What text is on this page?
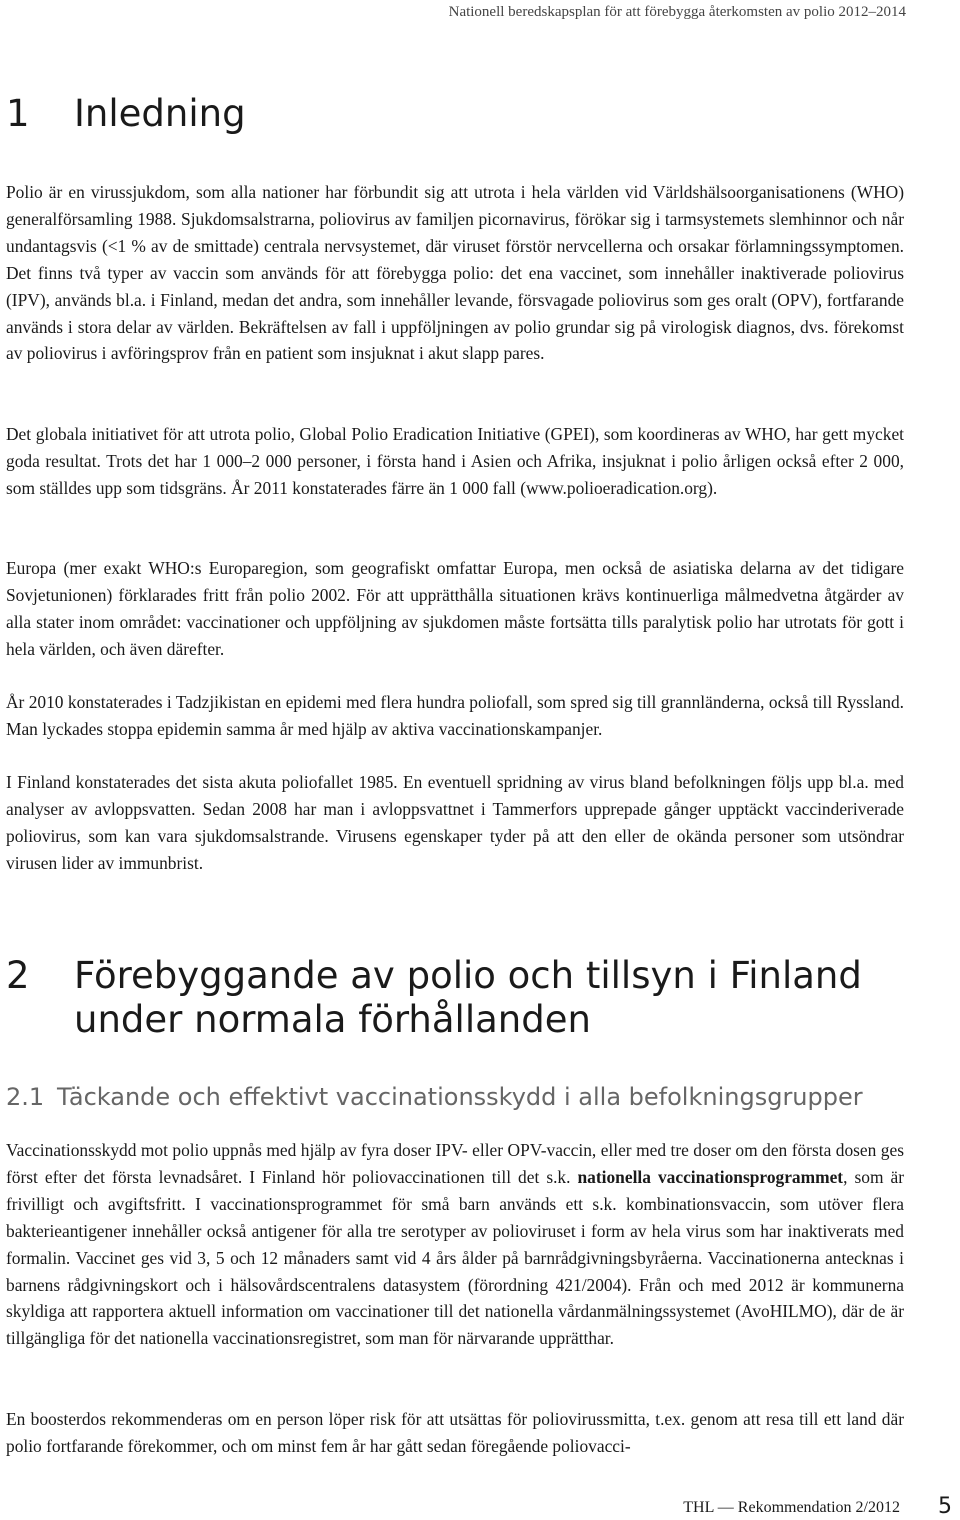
Nationell beredskapsplan för att förebygga återkomsten av polio 2012–2014
1 Inledning

Polio är en virussjukdom, som alla nationer har förbundit sig att utrota i hela världen vid Världshälsoorganisationens (WHO) generalförsamling 1988. Sjukdomsalstrarna, poliovirus av familjen picornavirus, förökar sig i tarmsystemets slemhinnor och når undantagsvis (<1 % av de smittade) centrala nervsystemet, där viruset förstör nervcellerna och orsakar förlamningssymptomen. Det finns två typer av vaccin som används för att förebygga polio: det ena vaccinet, som innehåller inaktiverade poliovirus (IPV), används bl.a. i Finland, medan det andra, som innehåller levande, försvagade poliovirus som ges oralt (OPV), fortfarande används i stora delar av världen. Bekräftelsen av fall i uppföljningen av polio grundar sig på virologisk diagnos, dvs. förekomst av poliovirus i avföringsprov från en patient som insjuknat i akut slapp pares.

Det globala initiativet för att utrota polio, Global Polio Eradication Initiative (GPEI), som koordineras av WHO, har gett mycket goda resultat. Trots det har 1 000–2 000 personer, i första hand i Asien och Afrika, insjuknat i polio årligen också efter 2 000, som ställdes upp som tidsgräns. År 2011 konstaterades färre än 1 000 fall (www.polioeradication.org).

Europa (mer exakt WHO:s Europaregion, som geografiskt omfattar Europa, men också de asiatiska delarna av det tidigare Sovjetunionen) förklarades fritt från polio 2002. För att upprätthålla situationen krävs kontinuerliga målmedvetna åtgärder av alla stater inom området: vaccinationer och uppföljning av sjukdomen måste fortsätta tills paralytisk polio har utrotats för gott i hela världen, och även därefter.

År 2010 konstaterades i Tadzjikistan en epidemi med flera hundra poliofall, som spred sig till grannländerna, också till Ryssland. Man lyckades stoppa epidemin samma år med hjälp av aktiva vaccinationskampanjer.

I Finland konstaterades det sista akuta poliofallet 1985. En eventuell spridning av virus bland befolkningen följs upp bl.a. med analyser av avloppsvatten. Sedan 2008 har man i avloppsvattnet i Tammerfors upprepade gånger upptäckt vaccinderiverade poliovirus, som kan vara sjukdomsalstrande. Virusens egenskaper tyder på att den eller de okända personer som utsöndrar virusen lider av immunbrist.

2	Förebyggande av polio och tillsyn i Finland
under normala förhållanden
2.1 Täckande och effektivt vaccinationsskydd i alla befolkningsgrupper

Vaccinationsskydd mot polio uppnås med hjälp av fyra doser IPV- eller OPV-vaccin, eller med tre doser om den första dosen ges först efter det första levnadsåret. I Finland hör poliovaccinationen till det s.k. nationella vaccinationsprogrammet, som är frivilligt och avgiftsfritt. I vaccinationsprogrammet för små barn används ett s.k. kombinationsvaccin, som utöver flera bakterieantigener innehåller också antigener för alla tre serotyper av polioviruset i form av hela virus som har inaktiverats med formalin. Vaccinet ges vid 3, 5 och 12 månaders samt vid 4 års ålder på barnrådgivningsbyråerna. Vaccinationerna antecknas i barnens rådgivningskort och i hälsovårdscentralens datasystem (förordning 421/2004). Från och med 2012 är kommunerna skyldiga att rapportera aktuell information om vaccinationer till det nationella vårdanmälningssystemet (AvoHILMO), där de är tillgängliga för det nationella vaccinationsregistret, som man för närvarande upprätthar.

En boosterdos rekommenderas om en person löper risk för att utsättas för poliovirussmitta, t.ex. genom att resa till ett land där polio fortfarande förekommer, och om minst fem år har gått sedan föregående poliovacci-

THL — Rekommendation 2/2012 5
